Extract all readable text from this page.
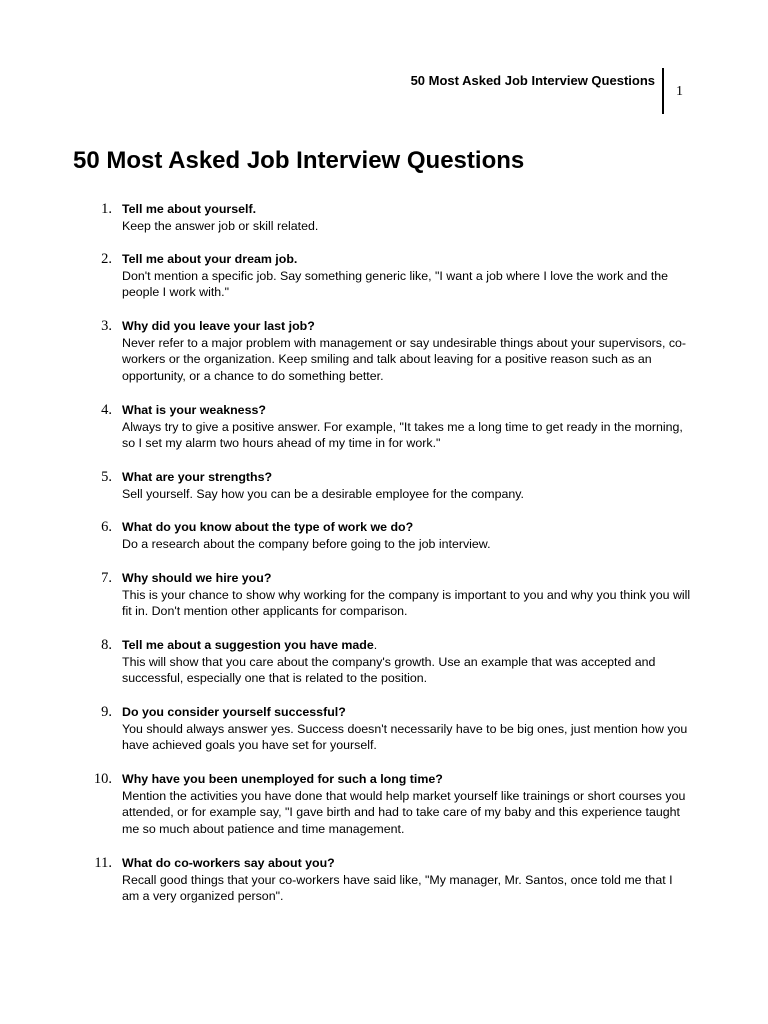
50 Most Asked Job Interview Questions
1
50 Most Asked Job Interview Questions
1. Tell me about yourself.
Keep the answer job or skill related.
2. Tell me about your dream job.
Don't mention a specific job. Say something generic like, "I want a job where I love the work and the people I work with."
3. Why did you leave your last job?
Never refer to a major problem with management or say undesirable things about your supervisors, co-workers or the organization. Keep smiling and talk about leaving for a positive reason such as an opportunity, or a chance to do something better.
4. What is your weakness?
Always try to give a positive answer. For example, "It takes me a long time to get ready in the morning, so I set my alarm two hours ahead of my time in for work."
5. What are your strengths?
Sell yourself. Say how you can be a desirable employee for the company.
6. What do you know about the type of work we do?
Do a research about the company before going to the job interview.
7. Why should we hire you?
This is your chance to show why working for the company is important to you and why you think you will fit in. Don't mention other applicants for comparison.
8. Tell me about a suggestion you have made.
This will show that you care about the company's growth. Use an example that was accepted and successful, especially one that is related to the position.
9. Do you consider yourself successful?
You should always answer yes. Success doesn't necessarily have to be big ones, just mention how you have achieved goals you have set for yourself.
10. Why have you been unemployed for such a long time?
Mention the activities you have done that would help market yourself like trainings or short courses you attended, or for example say, "I gave birth and had to take care of my baby and this experience taught me so much about patience and time management.
11. What do co-workers say about you?
Recall good things that your co-workers have said like, "My manager, Mr. Santos, once told me that I am a very organized person".
